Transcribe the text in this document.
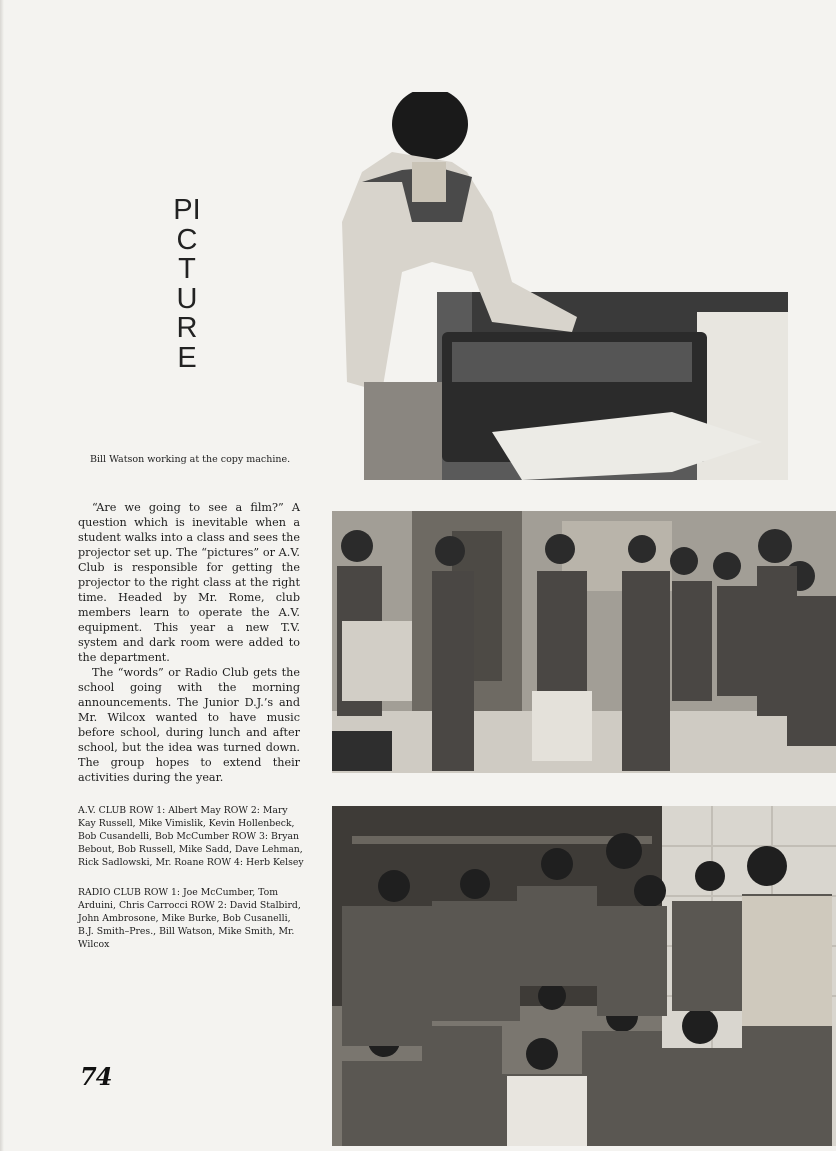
PICTURE
Bill Watson working at the copy machine.

“Are we going to see a film?” A question which is inevitable when a student walks into a class and sees the projector set up. The “pictures” or A.V. Club is responsible for getting the projector to the right class at the right time. Headed by Mr. Rome, club members learn to operate the A.V. equipment. This year a new T.V. system and dark room were added to the department.

The “words” or Radio Club gets the school going with the morning announcements. The Junior D.J.’s and Mr. Wilcox wanted to have music before school, during lunch and after school, but the idea was turned down. The group hopes to extend their activities during the year.

A.V. CLUB ROW 1: Albert May ROW 2: Mary Kay Russell, Mike Vimislik, Kevin Hollenbeck, Bob Cusandelli, Bob McCumber ROW 3: Bryan Bebout, Bob Russell, Mike Sadd, Dave Lehman, Rick Sadlowski, Mr. Roane ROW 4: Herb Kelsey

RADIO CLUB ROW 1: Joe McCumber, Tom Arduini, Chris Carrocci ROW 2: David Stalbird, John Ambrosone, Mike Burke, Bob Cusanelli, B.J. Smith–Pres., Bill Watson, Mike Smith, Mr. Wilcox

74
